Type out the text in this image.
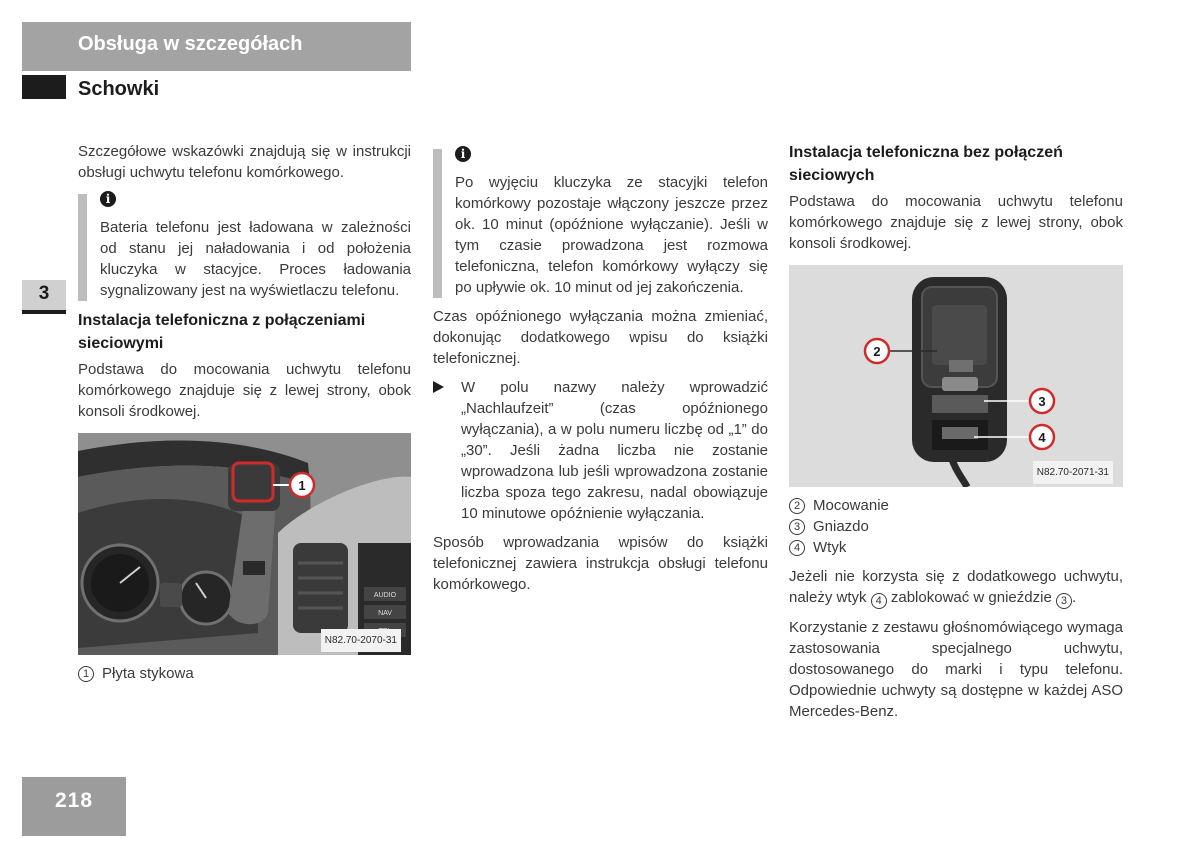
Obsługa w szczegółach
Schowki
3
218

Szczegółowe wskazówki znajdują się w instrukcji obsługi uchwytu telefonu komórkowego.

i

Bateria telefonu jest ładowana w zależności od stanu jej naładowania i od położenia kluczyka w stacyjce. Proces ładowania sygnalizowany jest na wyświetlaczu telefonu.

Instalacja telefoniczna z połączeniami sieciowymi

Podstawa do mocowania uchwytu telefonu komórkowego znajduje się z lewej strony, obok konsoli środkowej.

AUDIO
NAV
1
N82.70-2070-31
1 Płyta stykowa
i

Po wyjęciu kluczyka ze stacyjki telefon komórkowy pozostaje włączony jeszcze przez ok. 10 minut (opóźnione wyłączanie). Jeśli w tym czasie prowadzona jest rozmowa telefoniczna, telefon komórkowy wyłączy się po upływie ok. 10 minut od jej zakończenia.

Czas opóźnionego wyłączania można zmieniać, dokonując dodatkowego wpisu do książki telefonicznej.

W polu nazwy należy wprowadzić „Nachlaufzeit” (czas opóźnionego wyłączania), a w polu numeru liczbę od „1” do „30”. Jeśli żadna liczba nie zostanie wprowadzona lub jeśli wprowadzona zostanie liczba spoza tego zakresu, nadal obowiązuje 10 minutowe opóźnienie wyłączania.

Sposób wprowadzania wpisów do książki telefonicznej zawiera instrukcja obsługi telefonu komórkowego.

Instalacja telefoniczna bez połączeń sieciowych

Podstawa do mocowania uchwytu telefonu komórkowego znajduje się z lewej strony, obok konsoli środkowej.

2
3
4
N82.70-2071-31
2 Mocowanie
3 Gniazdo
4 Wtyk

Jeżeli nie korzysta się z dodatkowego uchwytu, należy wtyk 4 zablokować w gnieździe 3 .

Korzystanie z zestawu głośnomówiącego wymaga zastosowania specjalnego uchwytu, dostosowanego do marki i typu telefonu. Odpowiednie uchwyty są dostępne w każdej ASO Mercedes-Benz.
